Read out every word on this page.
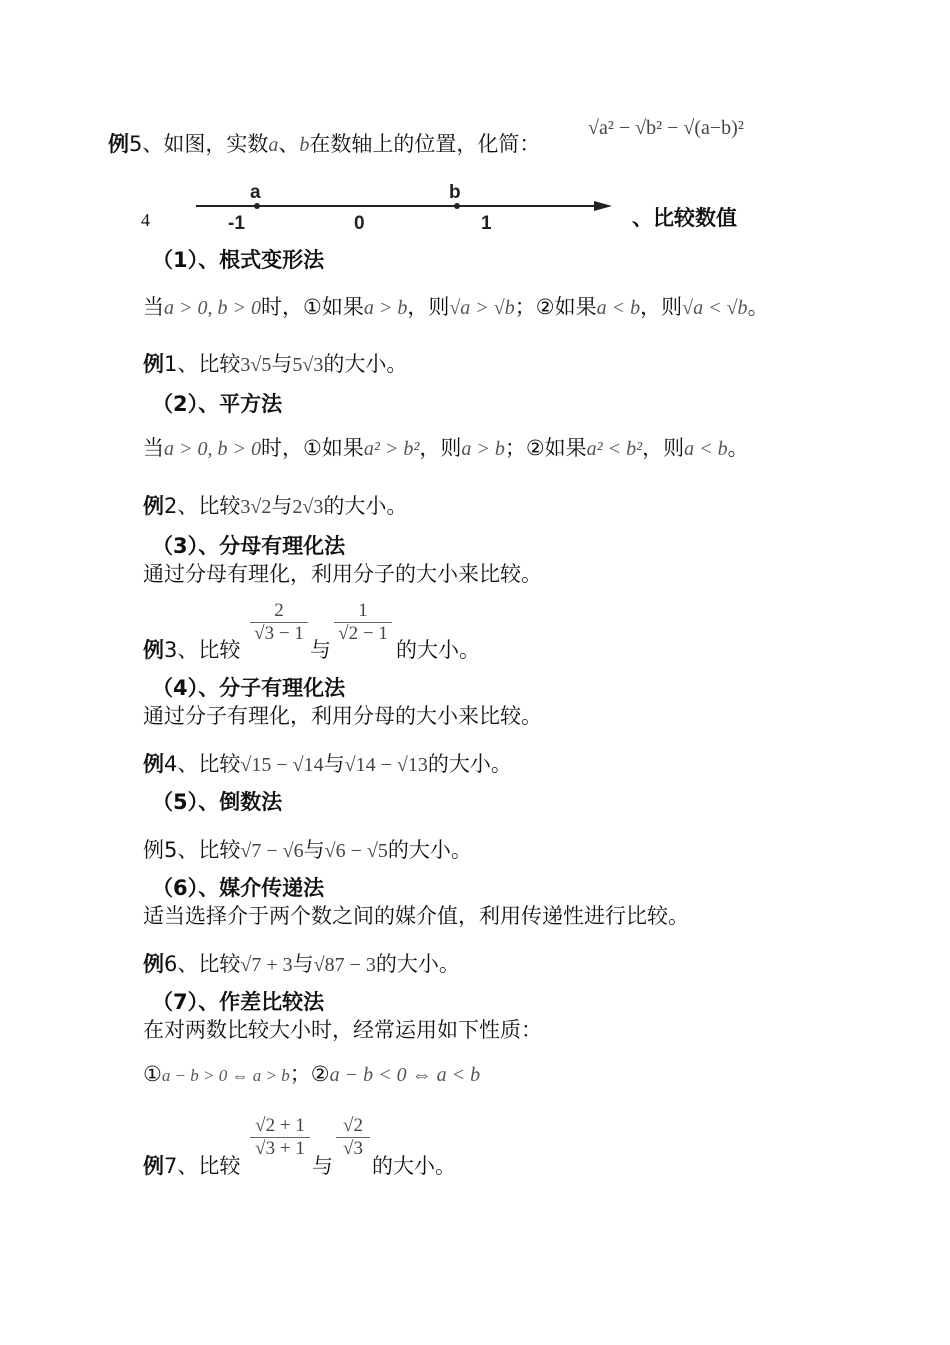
例5、如图，实数a、b在数轴上的位置，化简：
√a² − √b² − √(a−b)²
4
a	b
-1	0	1	、比较数值
（1）、根式变形法
当a > 0, b > 0时，①如果a > b，则√a > √b；②如果a < b，则√a < √b。
例1、比较3√5与5√3的大小。
（2）、平方法
当a > 0, b > 0时，①如果a² > b²，则a > b；②如果a² < b²，则a < b。
例2、比较3√2与2√3的大小。
（3）、分母有理化法
通过分母有理化，利用分子的大小来比较。
例3、比较
$\frac{2}{√3 - 1}$
与
$\frac{1}{√2 - 1}$
的大小。
（4）、分子有理化法
通过分子有理化，利用分母的大小来比较。
例4、比较√15 − √14与√14 − √13的大小。
（5）、倒数法
例5、比较√7 − √6与√6 − √5的大小。
（6）、媒介传递法
适当选择介于两个数之间的媒介值，利用传递性进行比较。
例6、比较√7 + 3与√87 − 3的大小。
（7）、作差比较法
在对两数比较大小时，经常运用如下性质：
①a − b > 0 ⇔ a > b；②a − b < 0 ⇔ a < b
例7、比较
$\frac{√2 + 1}{√3 + 1}$
与
$\frac{√2}{√3}$
的大小。
